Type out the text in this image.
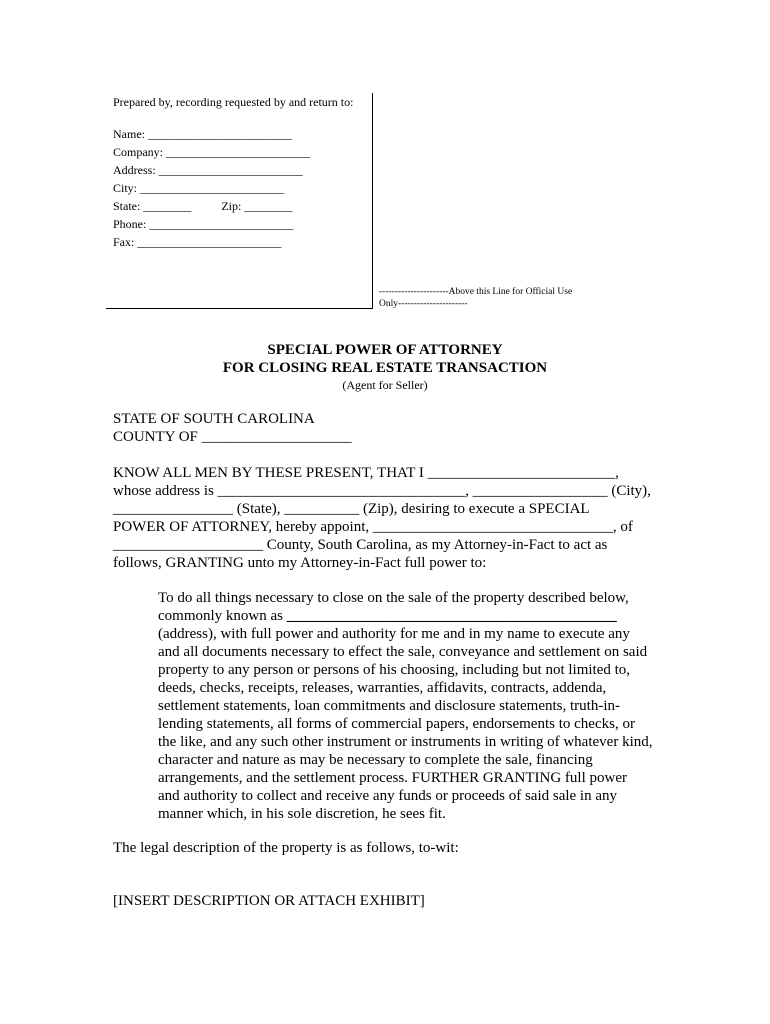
Prepared by, recording requested by and return to:
Name: ________________________
Company: ________________________
Address: ________________________
City: ________________________
State: ________          Zip: ________
Phone: ________________________
Fax: ________________________
----------------------Above this Line for Official Use
Only----------------------
SPECIAL POWER OF ATTORNEY
FOR CLOSING REAL ESTATE TRANSACTION
(Agent for Seller)
STATE OF SOUTH CAROLINA
COUNTY OF ____________________
KNOW ALL MEN BY THESE PRESENT, THAT I _________________________,
whose address is _________________________________, __________________ (City),
________________ (State), __________ (Zip), desiring to execute a SPECIAL
POWER OF ATTORNEY, hereby appoint, ________________________________, of
____________________ County, South Carolina, as my Attorney-in-Fact to act as
follows, GRANTING unto my Attorney-in-Fact full power to:
To do all things necessary to close on the sale of the property described below,
commonly known as ____________________________________________
(address), with full power and authority for me and in my name to execute any
and all documents necessary to effect the sale, conveyance and settlement on said
property to any person or persons of his choosing, including but not limited to,
deeds, checks, receipts, releases, warranties, affidavits, contracts, addenda,
settlement statements, loan commitments and disclosure statements, truth-in-
lending statements, all forms of commercial papers, endorsements to checks, or
the like, and any such other instrument or instruments in writing of whatever kind,
character and nature as may be necessary to complete the sale, financing
arrangements, and the settlement process. FURTHER GRANTING full power
and authority to collect and receive any funds or proceeds of said sale in any
manner which, in his sole discretion, he sees fit.
The legal description of the property is as follows, to-wit:
[INSERT DESCRIPTION OR ATTACH EXHIBIT]
